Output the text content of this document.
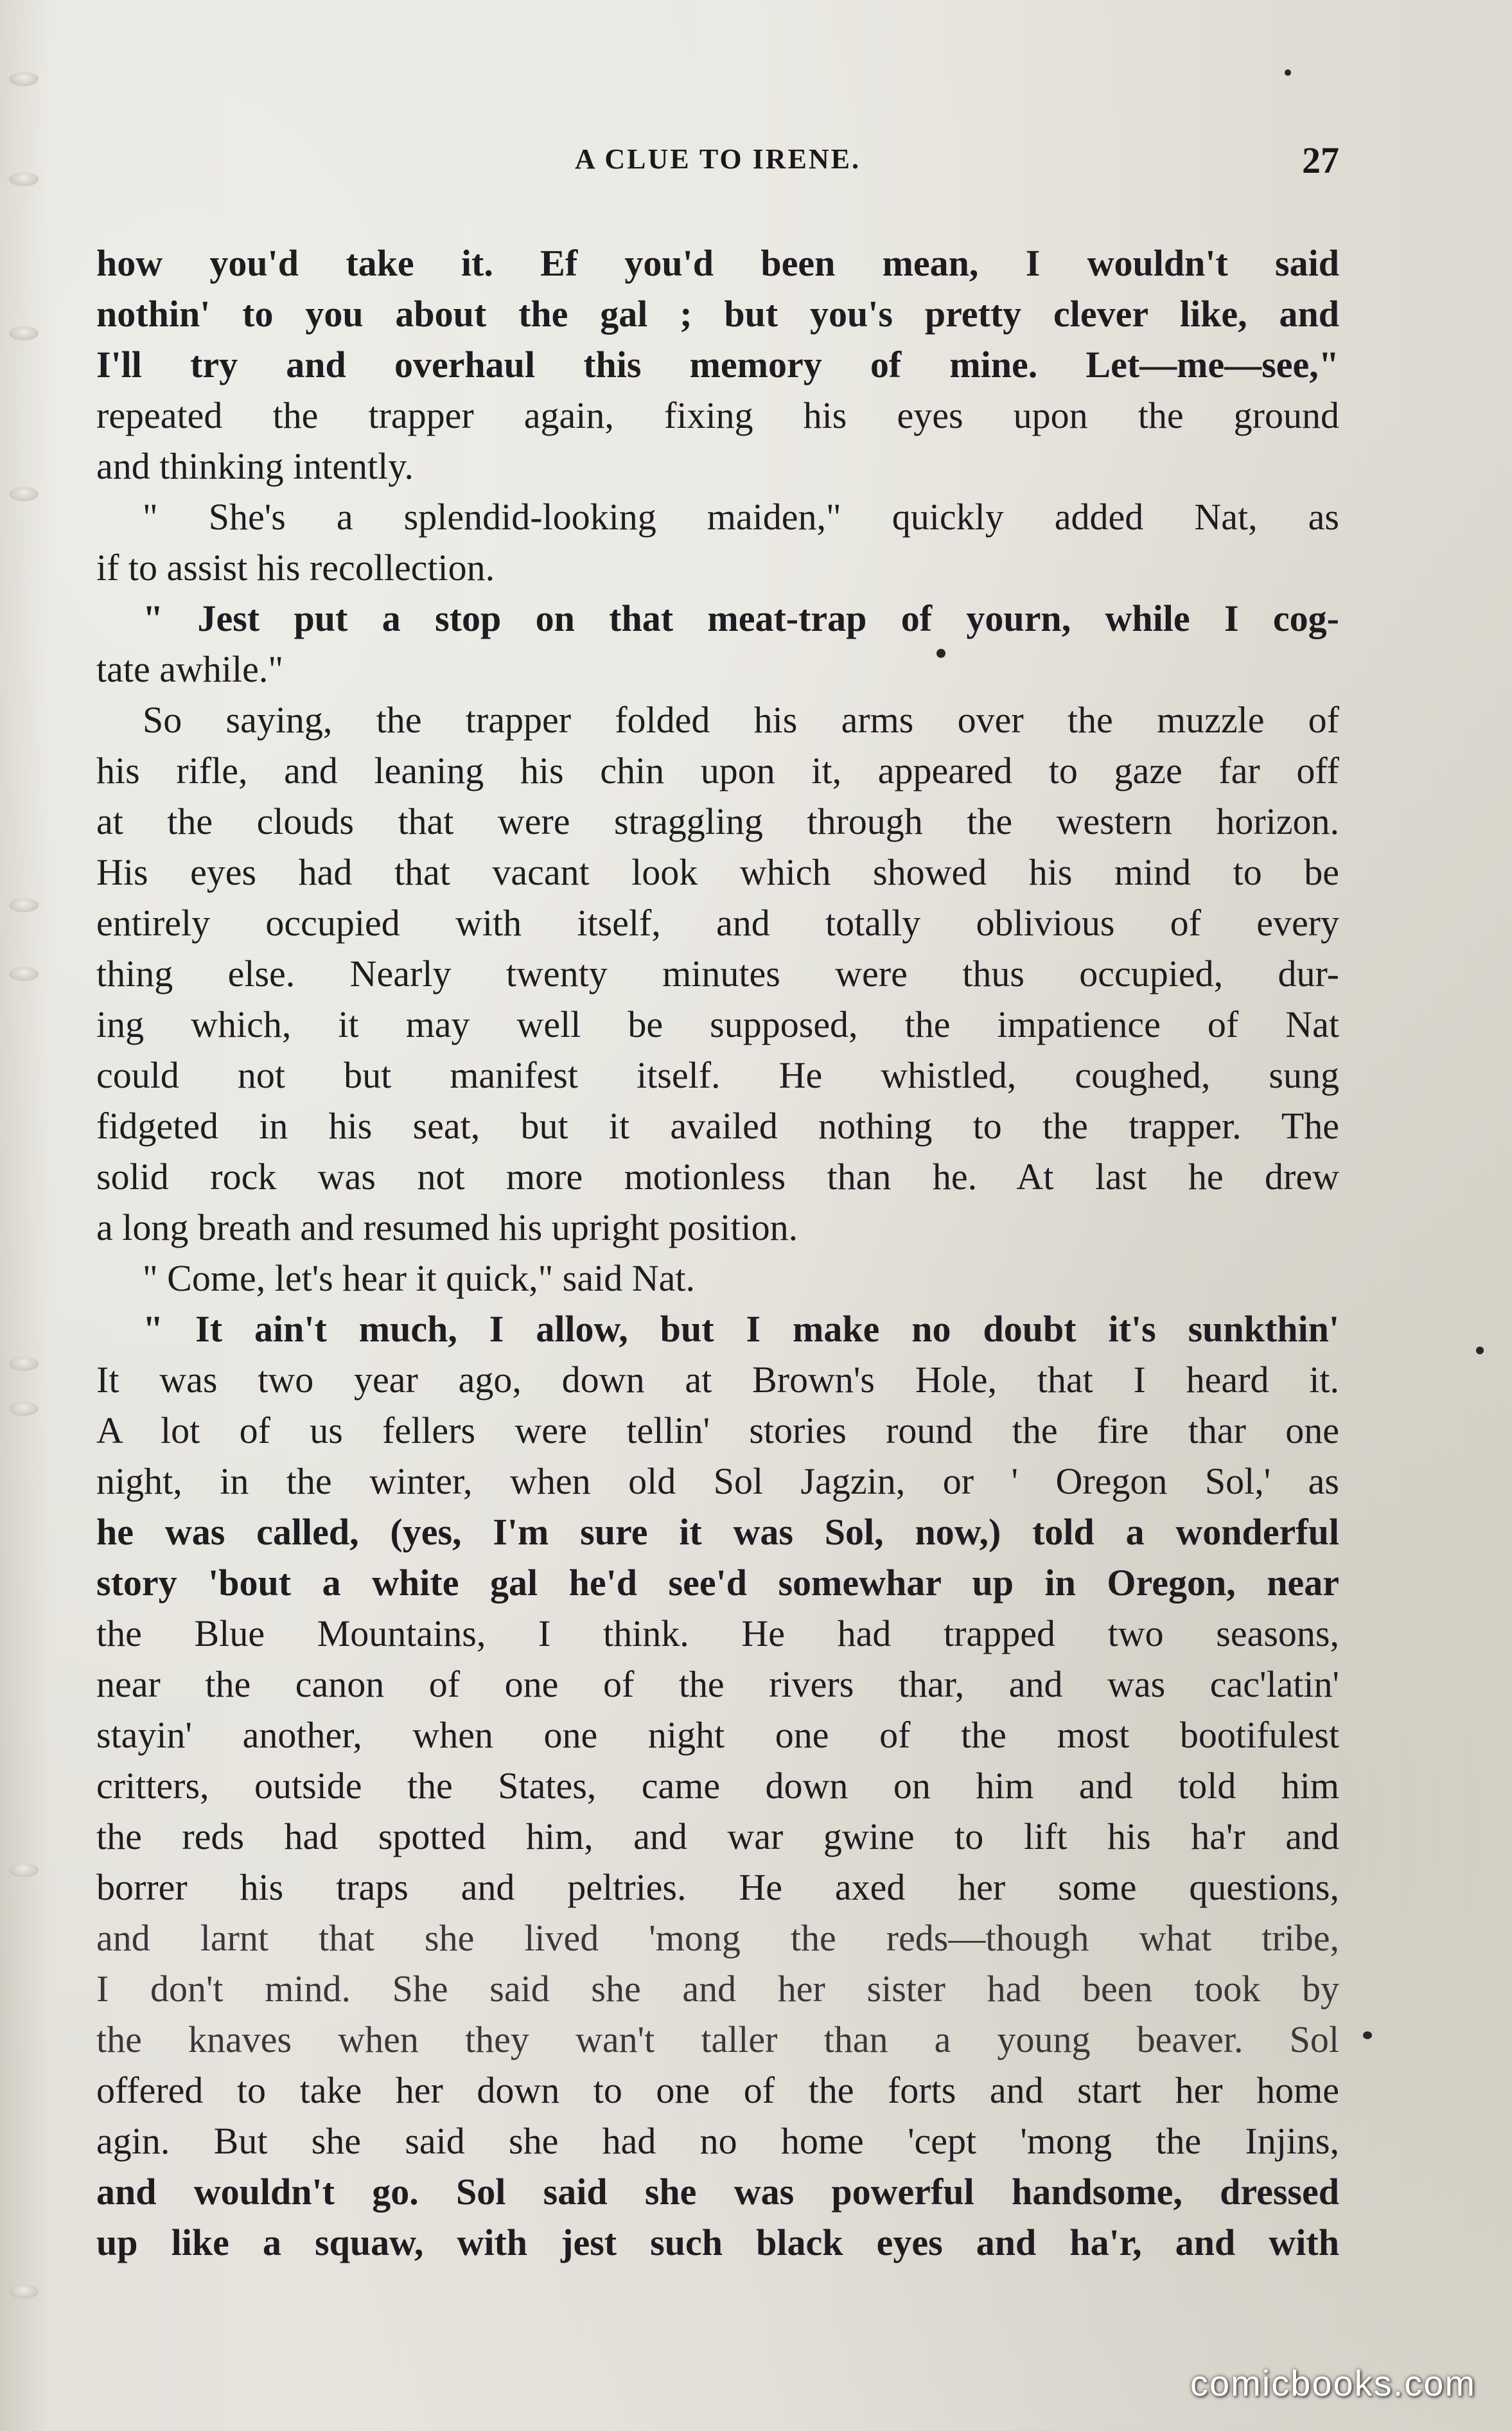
A CLUE TO IRENE.	27
how you'd take it. Ef you'd been mean, I wouldn't said
nothin' to you about the gal ; but you's pretty clever like, and
I'll try and overhaul this memory of mine. Let—me—see,"
repeated the trapper again, fixing his eyes upon the ground
and thinking intently.
" She's a splendid-looking maiden," quickly added Nat, as
if to assist his recollection.
" Jest put a stop on that meat-trap of yourn, while I cog-
tate awhile."
So saying, the trapper folded his arms over the muzzle of
his rifle, and leaning his chin upon it, appeared to gaze far off
at the clouds that were straggling through the western horizon.
His eyes had that vacant look which showed his mind to be
entirely occupied with itself, and totally oblivious of every
thing else. Nearly twenty minutes were thus occupied, dur-
ing which, it may well be supposed, the impatience of Nat
could not but manifest itself. He whistled, coughed, sung
fidgeted in his seat, but it availed nothing to the trapper. The
solid rock was not more motionless than he. At last he drew
a long breath and resumed his upright position.
" Come, let's hear it quick," said Nat.
" It ain't much, I allow, but I make no doubt it's sunkthin'
It was two year ago, down at Brown's Hole, that I heard it.
A lot of us fellers were tellin' stories round the fire thar one
night, in the winter, when old Sol Jagzin, or ' Oregon Sol,' as
he was called, (yes, I'm sure it was Sol, now,) told a wonderful
story 'bout a white gal he'd see'd somewhar up in Oregon, near
the Blue Mountains, I think. He had trapped two seasons,
near the canon of one of the rivers thar, and was cac'latin'
stayin' another, when one night one of the most bootifulest
critters, outside the States, came down on him and told him
the reds had spotted him, and war gwine to lift his ha'r and
borrer his traps and peltries. He axed her some questions,
and larnt that she lived 'mong the reds—though what tribe,
I don't mind. She said she and her sister had been took by
the knaves when they wan't taller than a young beaver. Sol
offered to take her down to one of the forts and start her home
agin. But she said she had no home 'cept 'mong the Injins,
and wouldn't go. Sol said she was powerful handsome, dressed
up like a squaw, with jest such black eyes and ha'r, and with
comicbooks.com
